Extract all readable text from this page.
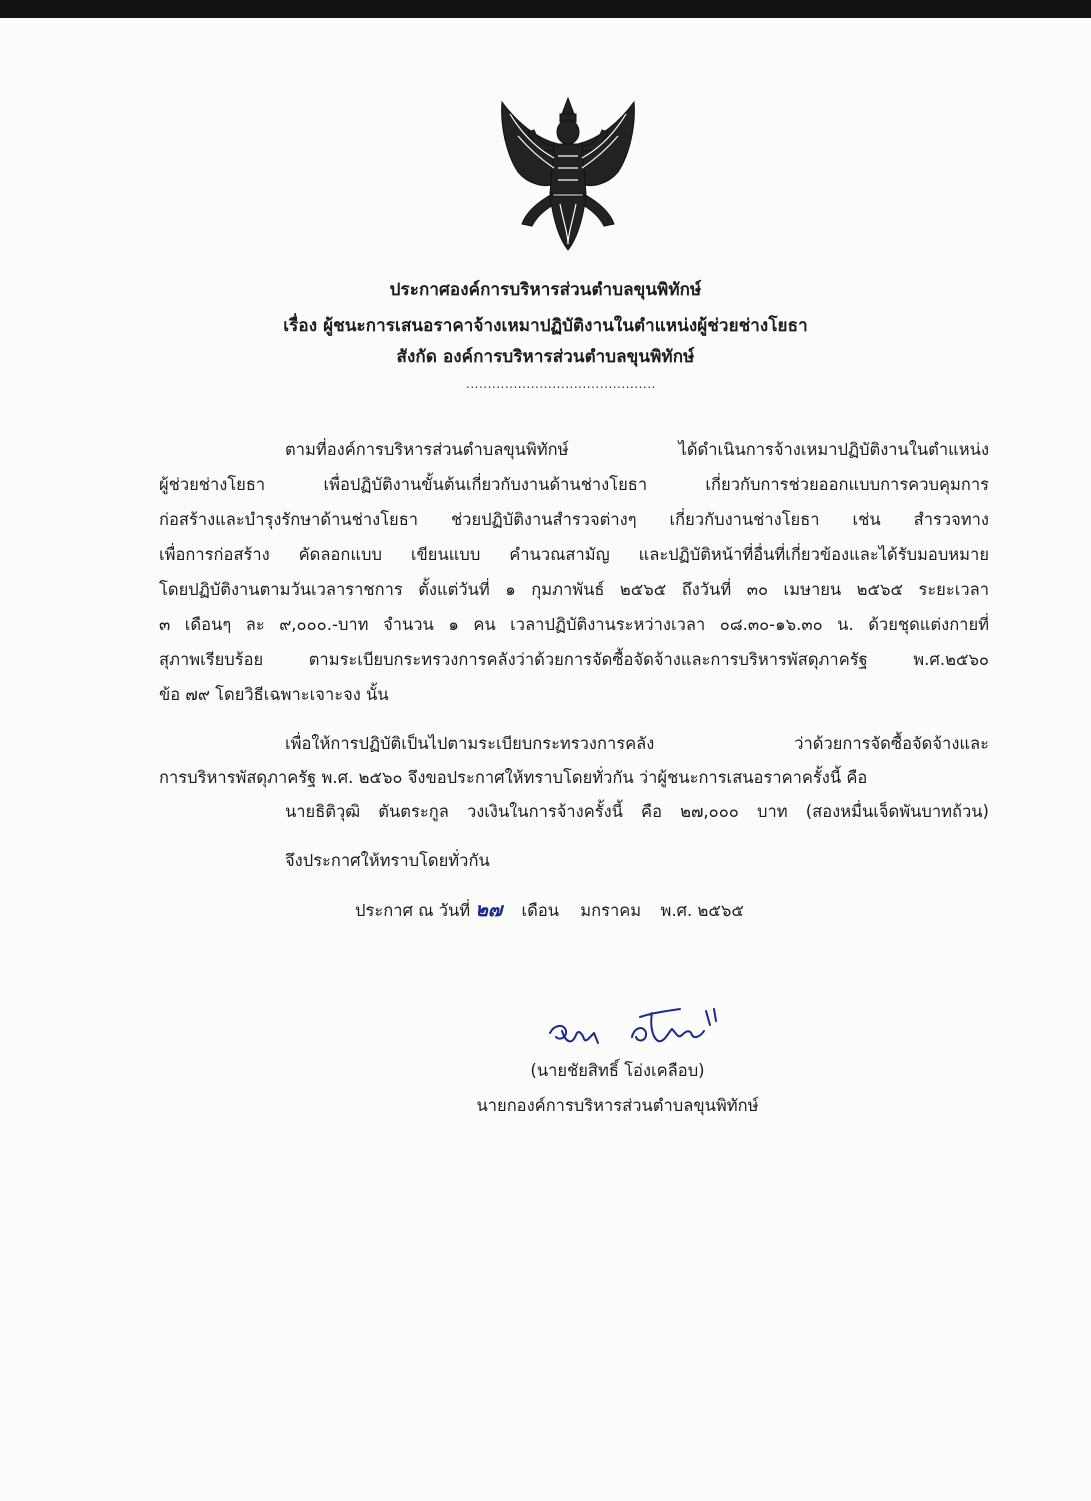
ประกาศองค์การบริหารส่วนตำบลขุนพิทักษ์
เรื่อง ผู้ชนะการเสนอราคาจ้างเหมาปฏิบัติงานในตำแหน่งผู้ช่วยช่างโยธา
สังกัด องค์การบริหารส่วนตำบลขุนพิทักษ์
............................................
ตามที่องค์การบริหารส่วนตำบลขุนพิทักษ์ ได้ดำเนินการจ้างเหมาปฏิบัติงานในตำแหน่ง
ผู้ช่วยช่างโยธา เพื่อปฏิบัติงานขั้นต้นเกี่ยวกับงานด้านช่างโยธา เกี่ยวกับการช่วยออกแบบการควบคุมการ
ก่อสร้างและบำรุงรักษาด้านช่างโยธา ช่วยปฏิบัติงานสำรวจต่างๆ เกี่ยวกับงานช่างโยธา เช่น สำรวจทาง
เพื่อการก่อสร้าง คัดลอกแบบ เขียนแบบ คำนวณสามัญ และปฏิบัติหน้าที่อื่นที่เกี่ยวข้องและได้รับมอบหมาย
โดยปฏิบัติงานตามวันเวลาราชการ ตั้งแต่วันที่ ๑ กุมภาพันธ์ ๒๕๖๕ ถึงวันที่ ๓๐ เมษายน ๒๕๖๕ ระยะเวลา
๓ เดือนๆ ละ ๙,๐๐๐.-บาท จำนวน ๑ คน เวลาปฏิบัติงานระหว่างเวลา ๐๘.๓๐-๑๖.๓๐ น. ด้วยชุดแต่งกายที่
สุภาพเรียบร้อย ตามระเบียบกระทรวงการคลังว่าด้วยการจัดซื้อจัดจ้างและการบริหารพัสดุภาครัฐ พ.ศ.๒๕๖๐
ข้อ ๗๙ โดยวิธีเฉพาะเจาะจง นั้น
เพื่อให้การปฏิบัติเป็นไปตามระเบียบกระทรวงการคลัง ว่าด้วยการจัดซื้อจัดจ้างและ
การบริหารพัสดุภาครัฐ พ.ศ. ๒๕๖๐ จึงขอประกาศให้ทราบโดยทั่วกัน ว่าผู้ชนะการเสนอราคาครั้งนี้ คือ
นายธิติวุฒิ ตันตระกูล วงเงินในการจ้างครั้งนี้ คือ ๒๗,๐๐๐ บาท (สองหมื่นเจ็ดพันบาทถ้วน)
จึงประกาศให้ทราบโดยทั่วกัน
ประกาศ ณ วันที่ ๒๗ เดือน มกราคม พ.ศ. ๒๕๖๕
(นายชัยสิทธิ์ โอ่งเคลือบ)
นายกองค์การบริหารส่วนตำบลขุนพิทักษ์
